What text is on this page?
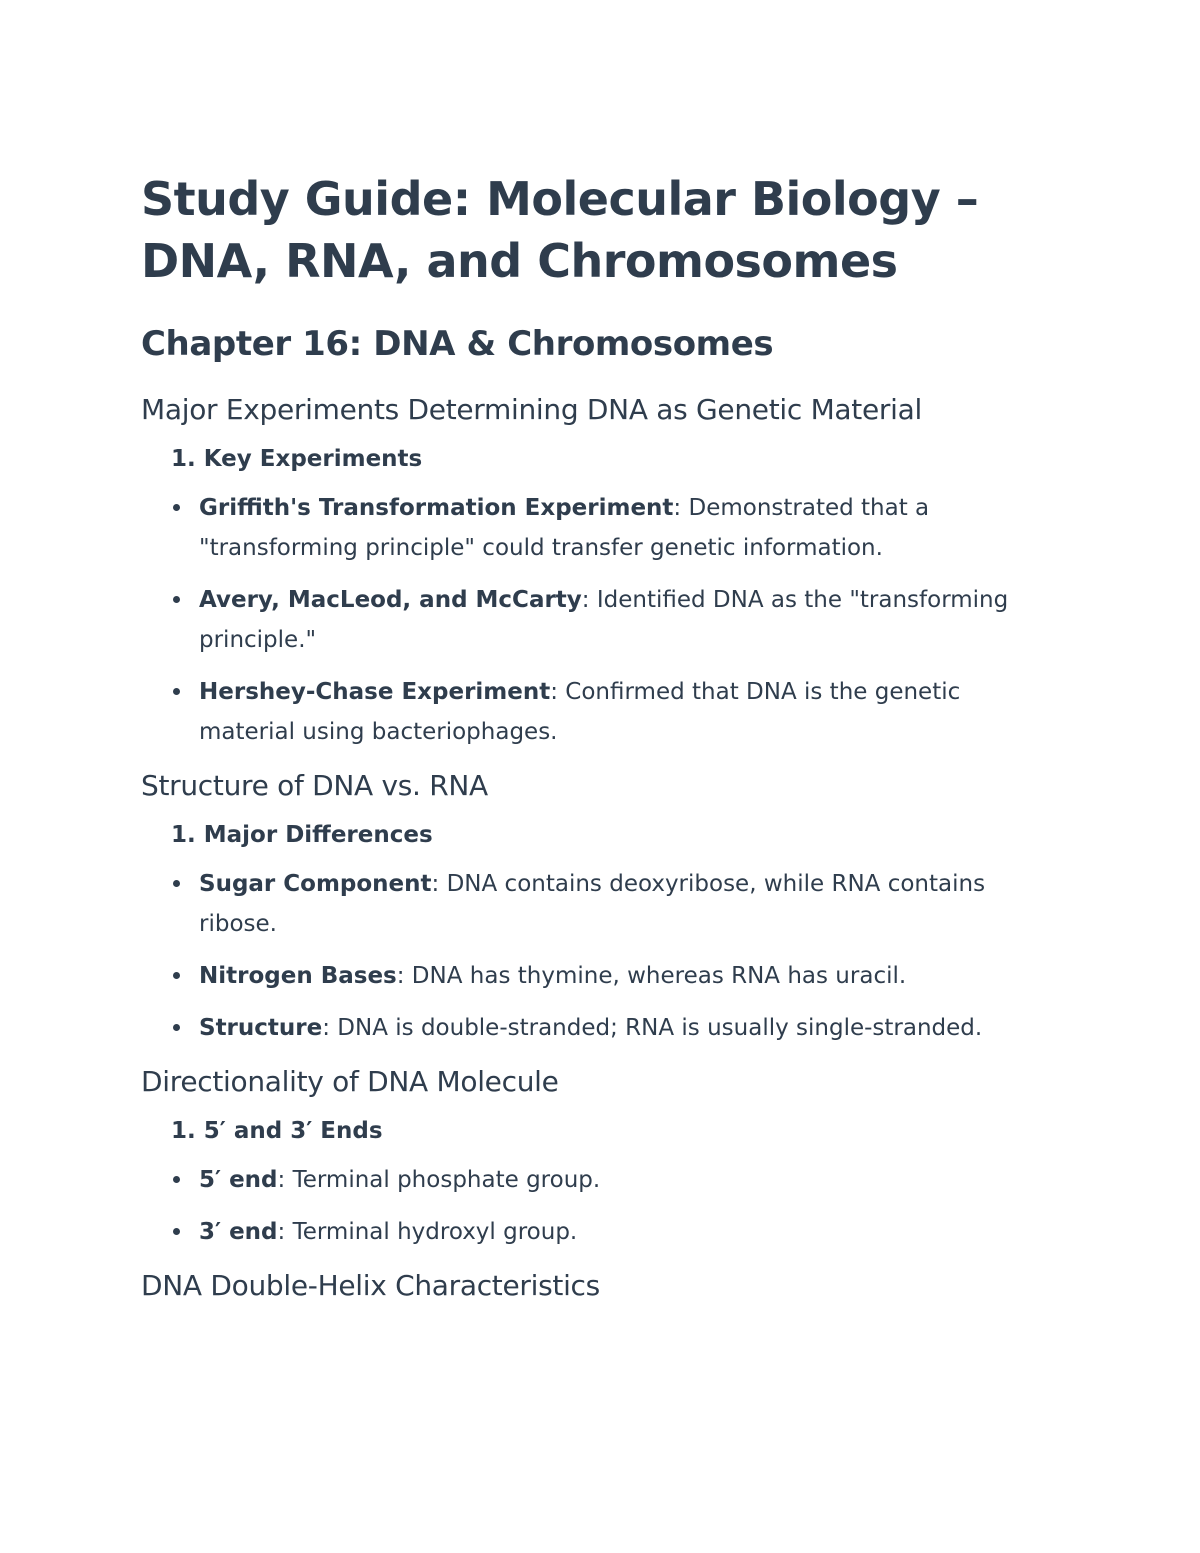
Study Guide: Molecular Biology – DNA, RNA, and Chromosomes
Chapter 16: DNA & Chromosomes
Major Experiments Determining DNA as Genetic Material
1. Key Experiments
Griffith's Transformation Experiment: Demonstrated that a "transforming principle" could transfer genetic information.
Avery, MacLeod, and McCarty: Identified DNA as the "transforming principle."
Hershey-Chase Experiment: Confirmed that DNA is the genetic material using bacteriophages.
Structure of DNA vs. RNA
1. Major Differences
Sugar Component: DNA contains deoxyribose, while RNA contains ribose.
Nitrogen Bases: DNA has thymine, whereas RNA has uracil.
Structure: DNA is double-stranded; RNA is usually single-stranded.
Directionality of DNA Molecule
1. 5′ and 3′ Ends
5′ end: Terminal phosphate group.
3′ end: Terminal hydroxyl group.
DNA Double-Helix Characteristics
